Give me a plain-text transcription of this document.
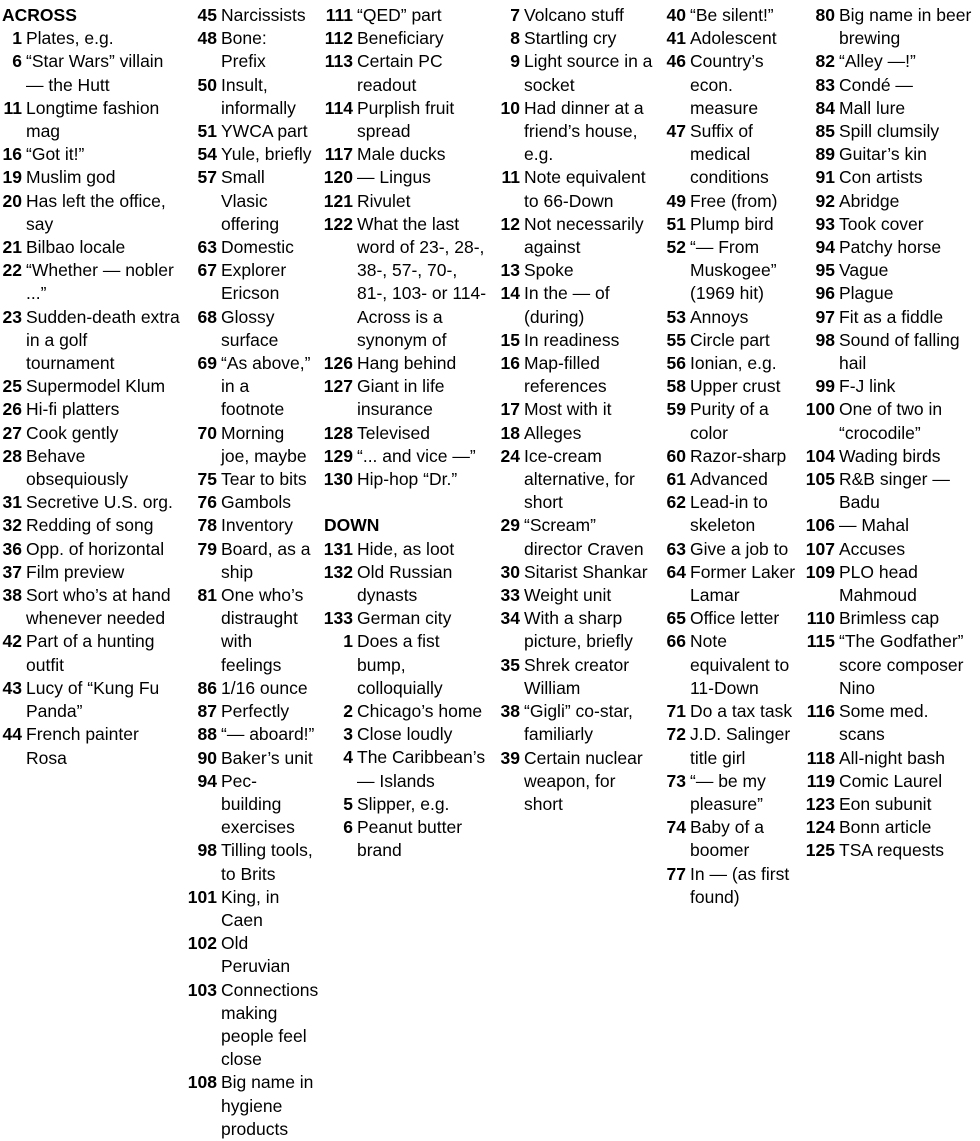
ACROSS
1 Plates, e.g.
6 “Star Wars” villain — the Hutt
11 Longtime fashion mag
16 “Got it!”
19 Muslim god
20 Has left the office, say
21 Bilbao locale
22 “Whether — nobler ...”
23 Sudden-death extra in a golf tournament
25 Supermodel Klum
26 Hi-fi platters
27 Cook gently
28 Behave obsequiously
31 Secretive U.S. org.
32 Redding of song
36 Opp. of horizontal
37 Film preview
38 Sort who’s at hand whenever needed
42 Part of a hunting outfit
43 Lucy of “Kung Fu Panda”
44 French painter Rosa
45 Narcissists
48 Bone: Prefix
50 Insult, informally
51 YWCA part
54 Yule, briefly
57 Small Vlasic offering
63 Domestic
67 Explorer Ericson
68 Glossy surface
69 “As above,” in a footnote
70 Morning joe, maybe
75 Tear to bits
76 Gambols
78 Inventory
79 Board, as a ship
81 One who’s distraught with feelings
86 1/16 ounce
87 Perfectly
88 “— aboard!”
90 Baker’s unit
94 Pec-building exercises
98 Tilling tools, to Brits
101 King, in Caen
102 Old Peruvian
103 Connections making people feel close
108 Big name in hygiene products
111 “QED” part
112 Beneficiary
113 Certain PC readout
114 Purplish fruit spread
117 Male ducks
120 — Lingus
121 Rivulet
122 What the last word of 23-, 28-, 38-, 57-, 70-, 81-, 103- or 114-Across is a synonym of
126 Hang behind
127 Giant in life insurance
128 Televised
129 “... and vice —”
130 Hip-hop “Dr.”
DOWN
131 Hide, as loot
132 Old Russian dynasts
133 German city
1 Does a fist bump, colloquially
2 Chicago’s home
3 Close loudly
4 The Caribbean’s — Islands
5 Slipper, e.g.
6 Peanut butter brand
7 Volcano stuff
8 Startling cry
9 Light source in a socket
10 Had dinner at a friend’s house, e.g.
11 Note equivalent to 66-Down
12 Not necessarily against
13 Spoke
14 In the — of (during)
15 In readiness
16 Map-filled references
17 Most with it
18 Alleges
24 Ice-cream alternative, for short
29 “Scream” director Craven
30 Sitarist Shankar
33 Weight unit
34 With a sharp picture, briefly
35 Shrek creator William
38 “Gigli” co-star, familiarly
39 Certain nuclear weapon, for short
40 “Be silent!”
41 Adolescent
46 Country’s econ. measure
47 Suffix of medical conditions
49 Free (from)
51 Plump bird
52 “— From Muskogee” (1969 hit)
53 Annoys
55 Circle part
56 Ionian, e.g.
58 Upper crust
59 Purity of a color
60 Razor-sharp
61 Advanced
62 Lead-in to skeleton
63 Give a job to
64 Former Laker Lamar
65 Office letter
66 Note equivalent to 11-Down
71 Do a tax task
72 J.D. Salinger title girl
73 “— be my pleasure”
74 Baby of a boomer
77 In — (as first found)
80 Big name in beer brewing
82 “Alley —!”
83 Condé —
84 Mall lure
85 Spill clumsily
89 Guitar’s kin
91 Con artists
92 Abridge
93 Took cover
94 Patchy horse
95 Vague
96 Plague
97 Fit as a fiddle
98 Sound of falling hail
99 F-J link
100 One of two in “crocodile”
104 Wading birds
105 R&B singer — Badu
106 — Mahal
107 Accuses
109 PLO head Mahmoud
110 Brimless cap
115 “The Godfather” score composer Nino
116 Some med. scans
118 All-night bash
119 Comic Laurel
123 Eon subunit
124 Bonn article
125 TSA requests
